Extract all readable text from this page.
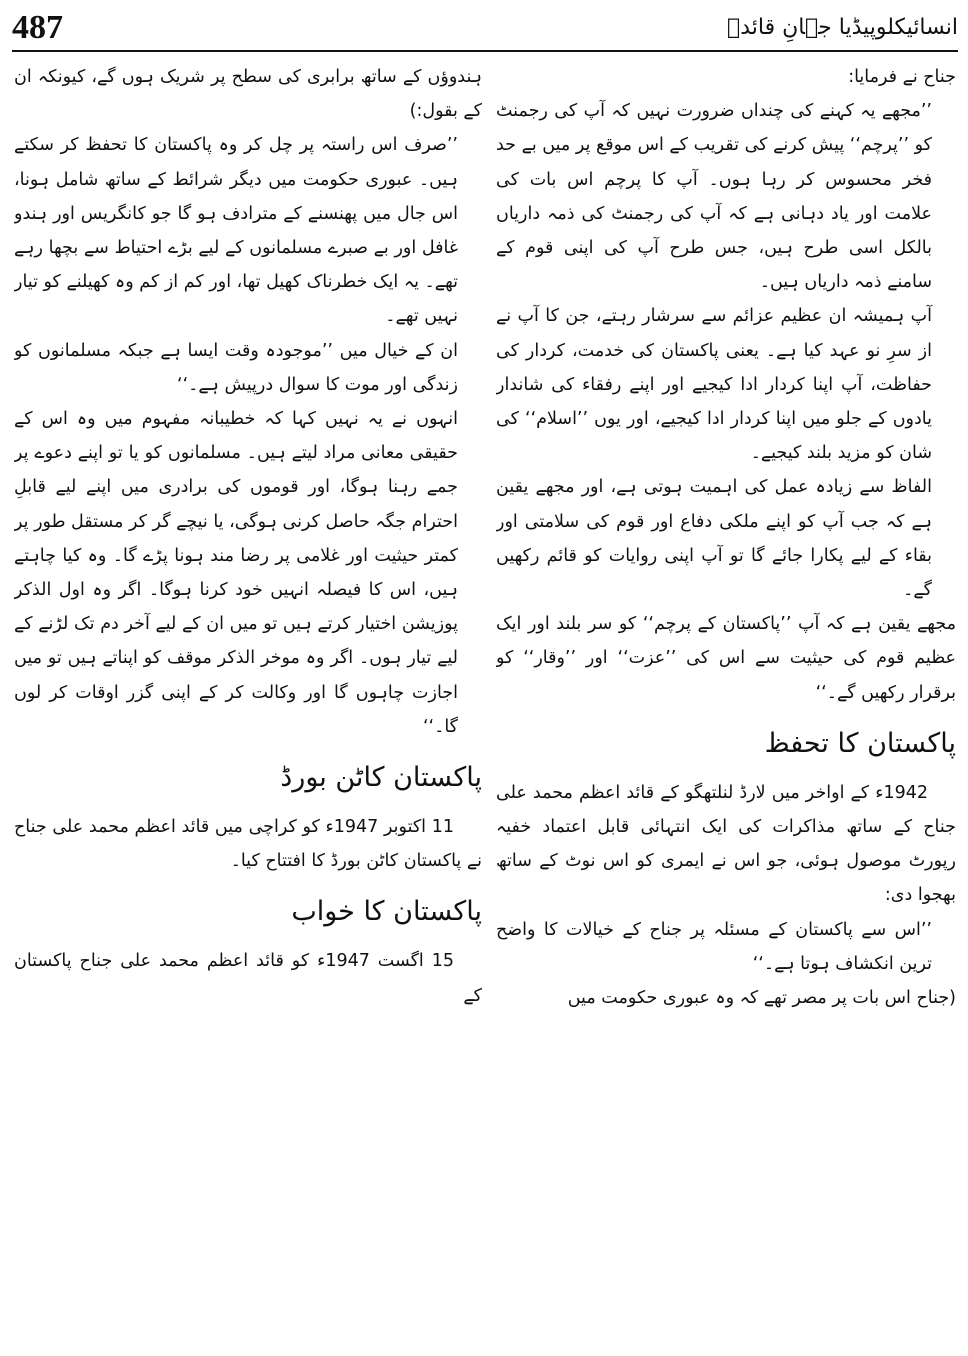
487	انسائیکلوپیڈیا جہانِ قائدؒ

جناح نے فرمایا:

’’مجھے یہ کہنے کی چنداں ضرورت نہیں کہ آپ کی رجمنٹ کو ’’پرچم‘‘ پیش کرنے کی تقریب کے اس موقع پر میں بے حد فخر محسوس کر رہا ہوں۔ آپ کا پرچم اس بات کی علامت اور یاد دہانی ہے کہ آپ کی رجمنٹ کی ذمہ داریاں بالکل اسی طرح ہیں، جس طرح آپ کی اپنی قوم کے سامنے ذمہ داریاں ہیں۔

آپ ہمیشہ ان عظیم عزائم سے سرشار رہتے، جن کا آپ نے از سرِ نو عہد کیا ہے۔ یعنی پاکستان کی خدمت، کردار کی حفاظت، آپ اپنا کردار ادا کیجیے اور اپنے رفقاء کی شاندار یادوں کے جلو میں اپنا کردار ادا کیجیے، اور یوں ’’اسلام‘‘ کی شان کو مزید بلند کیجیے۔

الفاظ سے زیادہ عمل کی اہمیت ہوتی ہے، اور مجھے یقین ہے کہ جب آپ کو اپنے ملکی دفاع اور قوم کی سلامتی اور بقاء کے لیے پکارا جائے گا تو آپ اپنی روایات کو قائم رکھیں گے۔

مجھے یقین ہے کہ آپ ’’پاکستان کے پرچم‘‘ کو سر بلند اور ایک عظیم قوم کی حیثیت سے اس کی ’’عزت‘‘ اور ’’وقار‘‘ کو برقرار رکھیں گے۔‘‘

پاکستان کا تحفظ

1942ء کے اواخر میں لارڈ لنلتھگو کے قائد اعظم محمد علی جناح کے ساتھ مذاکرات کی ایک انتہائی قابل اعتماد خفیہ رپورٹ موصول ہوئی، جو اس نے ایمری کو اس نوٹ کے ساتھ بھجوا دی:

’’اس سے پاکستان کے مسئلہ پر جناح کے خیالات کا واضح ترین انکشاف ہوتا ہے۔‘‘

(جناح اس بات پر مصر تھے کہ وہ عبوری حکومت میں

ہندوؤں کے ساتھ برابری کی سطح پر شریک ہوں گے، کیونکہ ان کے بقول:)

’’صرف اس راستہ پر چل کر وہ پاکستان کا تحفظ کر سکتے ہیں۔ عبوری حکومت میں دیگر شرائط کے ساتھ شامل ہونا، اس جال میں پھنسنے کے مترادف ہو گا جو کانگریس اور ہندو غافل اور بے صبرے مسلمانوں کے لیے بڑے احتیاط سے بچھا رہے تھے۔ یہ ایک خطرناک کھیل تھا، اور کم از کم وہ کھیلنے کو تیار نہیں تھے۔

ان کے خیال میں ’’موجودہ وقت ایسا ہے جبکہ مسلمانوں کو زندگی اور موت کا سوال درپیش ہے۔‘‘

انہوں نے یہ نہیں کہا کہ خطیبانہ مفہوم میں وہ اس کے حقیقی معانی مراد لیتے ہیں۔ مسلمانوں کو یا تو اپنے دعوے پر جمے رہنا ہوگا، اور قوموں کی برادری میں اپنے لیے قابلِ احترام جگہ حاصل کرنی ہوگی، یا نیچے گر کر مستقل طور پر کمتر حیثیت اور غلامی پر رضا مند ہونا پڑے گا۔ وہ کیا چاہتے ہیں، اس کا فیصلہ انہیں خود کرنا ہوگا۔ اگر وہ اول الذکر پوزیشن اختیار کرتے ہیں تو میں ان کے لیے آخر دم تک لڑنے کے لیے تیار ہوں۔ اگر وہ موخر الذکر موقف کو اپناتے ہیں تو میں اجازت چاہوں گا اور وکالت کر کے اپنی گزر اوقات کر لوں گا۔‘‘

پاکستان کاٹن بورڈ

11 اکتوبر 1947ء کو کراچی میں قائد اعظم محمد علی جناح نے پاکستان کاٹن بورڈ کا افتتاح کیا۔

پاکستان کا خواب

15 اگست 1947ء کو قائد اعظم محمد علی جناح پاکستان کے
